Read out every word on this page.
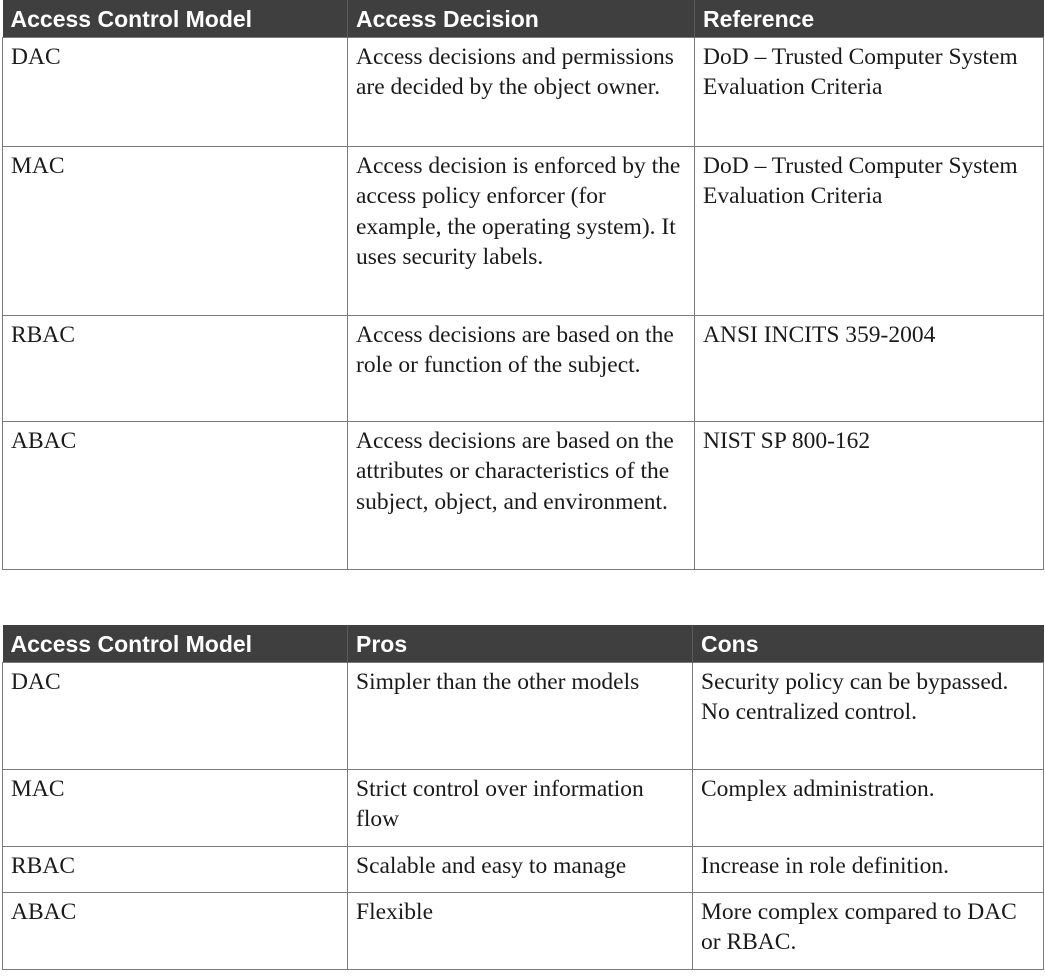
Access Control Model	Access Decision	Reference
DAC	Access decisions and permissions are decided by the object owner.	DoD – Trusted Computer System Evaluation Criteria
MAC	Access decision is enforced by the access policy enforcer (for example, the operating system). It uses security labels.	DoD – Trusted Computer System Evaluation Criteria
RBAC	Access decisions are based on the role or function of the subject.	ANSI INCITS 359-2004
ABAC	Access decisions are based on the attributes or characteristics of the subject, object, and environment.	NIST SP 800-162
Access Control Model	Pros	Cons
DAC	Simpler than the other models	Security policy can be bypassed. No centralized control.
MAC	Strict control over information flow	Complex administration.
RBAC	Scalable and easy to manage	Increase in role definition.
ABAC	Flexible	More complex compared to DAC or RBAC.
